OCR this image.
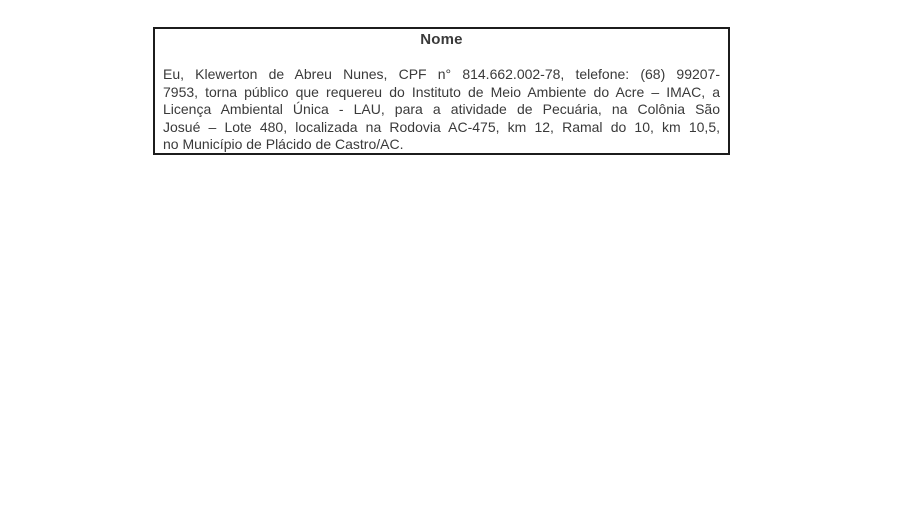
Nome
Eu, Klewerton de Abreu Nunes, CPF n° 814.662.002-78, telefone: (68) 99207-
7953, torna público que requereu do Instituto de Meio Ambiente do Acre – IMAC, a
Licença Ambiental Única - LAU, para a atividade de Pecuária, na Colônia São
Josué – Lote 480, localizada na Rodovia AC-475, km 12, Ramal do 10, km 10,5,
no Município de Plácido de Castro/AC.
